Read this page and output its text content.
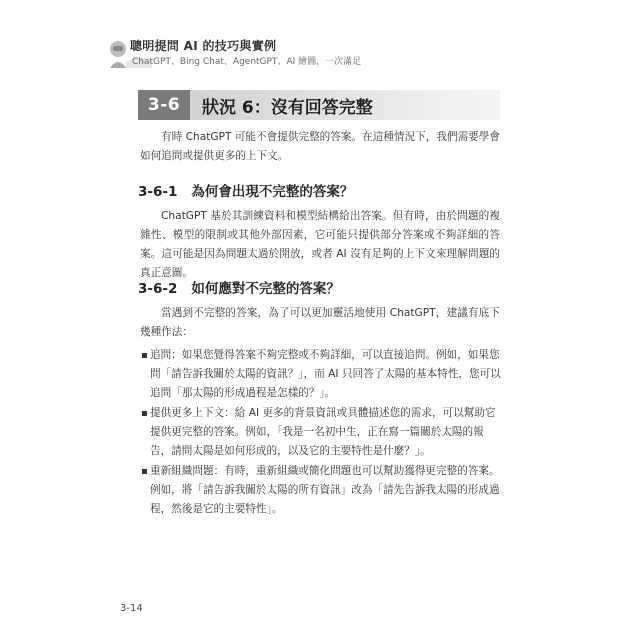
聰明提問 AI 的技巧與實例
ChatGPT、Bing Chat、AgentGPT、AI 繪圖，一次滿足
3-6	狀況 6：沒有回答完整
有時 ChatGPT 可能不會提供完整的答案。在這種情況下，我們需要學會如何追問或提供更多的上下文。
3-6-1 為何會出現不完整的答案？
ChatGPT 基於其訓練資料和模型結構給出答案。但有時，由於問題的複雜性、模型的限制或其他外部因素，它可能只提供部分答案或不夠詳細的答案。這可能是因為問題太過於開放，或者 AI 沒有足夠的上下文來理解問題的真正意圖。
3-6-2 如何應對不完整的答案？
當遇到不完整的答案，為了可以更加靈活地使用 ChatGPT，建議有底下幾種作法：
追問：如果您覺得答案不夠完整或不夠詳細，可以直接追問。例如，如果您問「請告訴我關於太陽的資訊？」，而 AI 只回答了太陽的基本特性，您可以追問「那太陽的形成過程是怎樣的？」。
提供更多上下文：給 AI 更多的背景資訊或具體描述您的需求，可以幫助它提供更完整的答案。例如，「我是一名初中生，正在寫一篇關於太陽的報告，請問太陽是如何形成的，以及它的主要特性是什麼？」。
重新組織問題：有時，重新組織或簡化問題也可以幫助獲得更完整的答案。例如，將「請告訴我關於太陽的所有資訊」改為「請先告訴我太陽的形成過程，然後是它的主要特性」。
3-14
